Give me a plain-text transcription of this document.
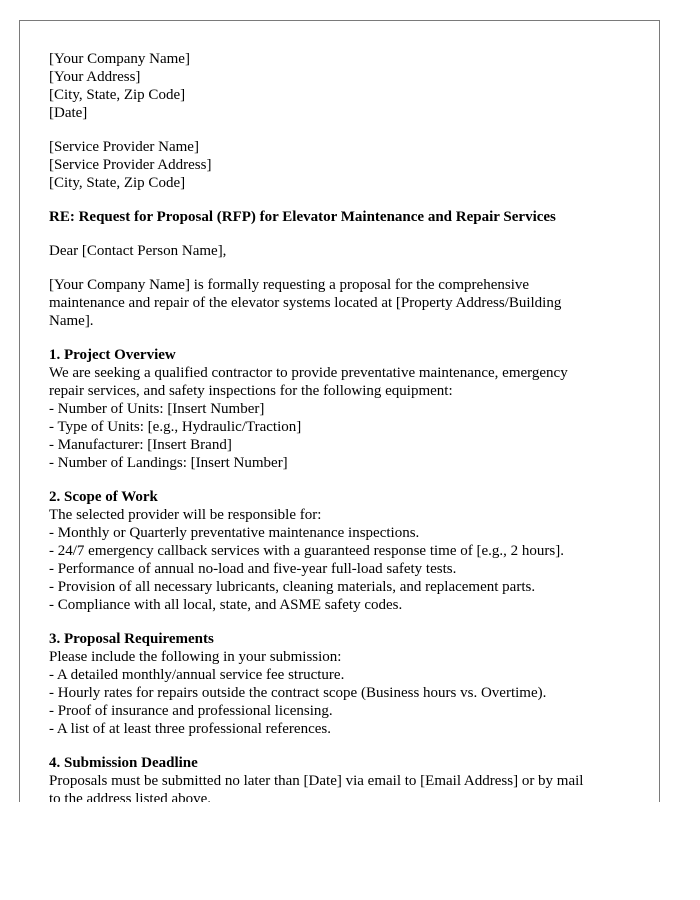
[Your Company Name]
[Your Address]
[City, State, Zip Code]
[Date]
[Service Provider Name]
[Service Provider Address]
[City, State, Zip Code]
RE: Request for Proposal (RFP) for Elevator Maintenance and Repair Services
Dear [Contact Person Name],
[Your Company Name] is formally requesting a proposal for the comprehensive
maintenance and repair of the elevator systems located at [Property Address/Building
Name].
1. Project Overview
We are seeking a qualified contractor to provide preventative maintenance, emergency
repair services, and safety inspections for the following equipment:
- Number of Units: [Insert Number]
- Type of Units: [e.g., Hydraulic/Traction]
- Manufacturer: [Insert Brand]
- Number of Landings: [Insert Number]
2. Scope of Work
The selected provider will be responsible for:
- Monthly or Quarterly preventative maintenance inspections.
- 24/7 emergency callback services with a guaranteed response time of [e.g., 2 hours].
- Performance of annual no-load and five-year full-load safety tests.
- Provision of all necessary lubricants, cleaning materials, and replacement parts.
- Compliance with all local, state, and ASME safety codes.
3. Proposal Requirements
Please include the following in your submission:
- A detailed monthly/annual service fee structure.
- Hourly rates for repairs outside the contract scope (Business hours vs. Overtime).
- Proof of insurance and professional licensing.
- A list of at least three professional references.
4. Submission Deadline
Proposals must be submitted no later than [Date] via email to [Email Address] or by mail
to the address listed above.
